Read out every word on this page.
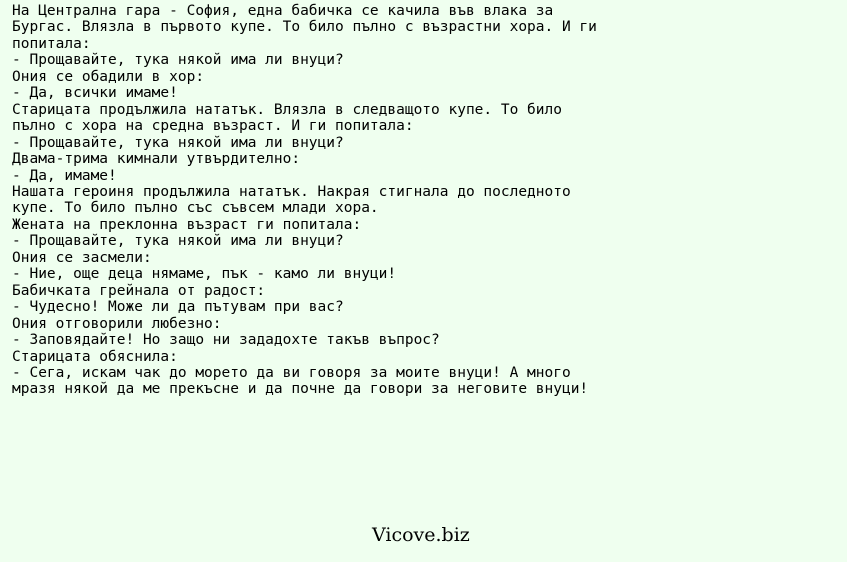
На Централна гара - София, една бабичка се качила във влака за
Бургас. Влязла в първото купе. То било пълно с възрастни хора. И ги
попитала:
- Прощавайте, тука някой има ли внуци?
Ония се обадили в хор:
- Да, всички имаме!
Старицата продължила нататък. Влязла в следващото купе. То било
пълно с хора на средна възраст. И ги попитала:
- Прощавайте, тука някой има ли внуци?
Двама-трима кимнали утвърдително:
- Да, имаме!
Нашата героиня продължила нататък. Накрая стигнала до последното
купе. То било пълно със съвсем млади хора.
Жената на преклонна възраст ги попитала:
- Прощавайте, тука някой има ли внуци?
Ония се засмели:
- Ние, още деца нямаме, пък - камо ли внуци!
Бабичката грейнала от радост:
- Чудесно! Може ли да пътувам при вас?
Ония отговорили любезно:
- Заповядайте! Но защо ни зададохте такъв въпрос?
Старицата обяснила:
- Сега, искам чак до морето да ви говоря за моите внуци! А много
мразя някой да ме прекъсне и да почне да говори за неговите внуци!
Vicove.biz
